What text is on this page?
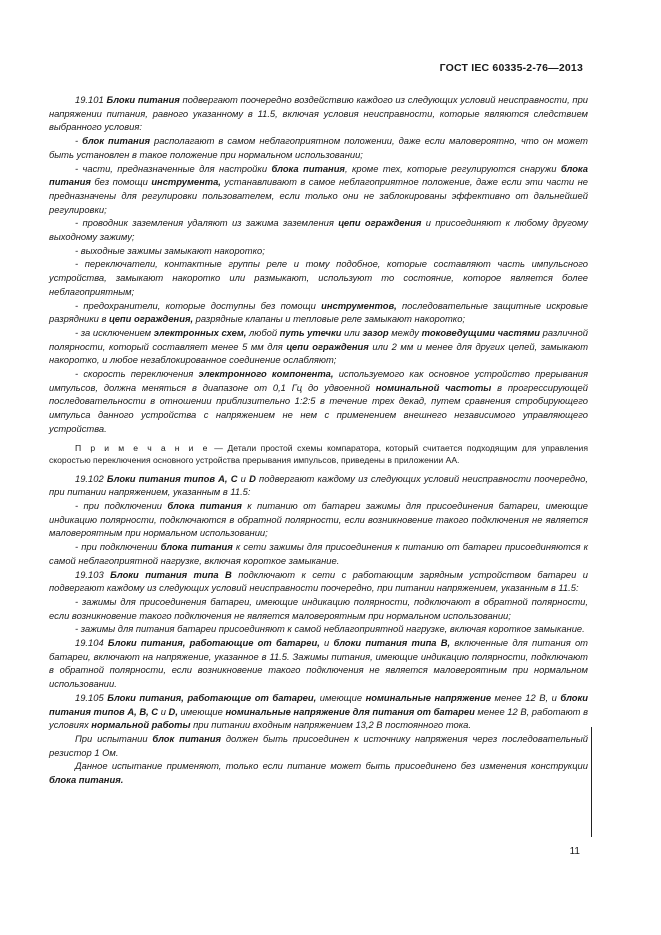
ГОСТ IEC 60335-2-76—2013

19.101 Блоки питания подвергают поочередно воздействию каждого из следующих условий неисправности, при напряжении питания, равного указанному в 11.5, включая условия неисправности, которые являются следствием выбранного условия:

- блок питания располагают в самом неблагоприятном положении, даже если маловероятно, что он может быть установлен в такое положение при нормальном использовании;

- части, предназначенные для настройки блока питания, кроме тех, которые регулируются снаружи блока питания без помощи инструмента, устанавливают в самое неблагоприятное положение, даже если эти части не предназначены для регулировки пользователем, если только они не заблокированы эффективно от дальнейшей регулировки;

- проводник заземления удаляют из зажима заземления цепи ограждения и присоединяют к любому другому выходному зажиму;

- выходные зажимы замыкают накоротко;

- переключатели, контактные группы реле и тому подобное, которые составляют часть импульсного устройства, замыкают накоротко или размыкают, используют то состояние, которое является более неблагоприятным;

- предохранители, которые доступны без помощи инструментов, последовательные защитные искровые разрядники в цепи ограждения, разрядные клапаны и тепловые реле замыкают накоротко;

- за исключением электронных схем, любой путь утечки или зазор между токоведущими частями различной полярности, который составляет менее 5 мм для цепи ограждения или 2 мм и менее для других цепей, замыкают накоротко, и любое незаблокированное соединение ослабляют;

- скорость переключения электронного компонента, используемого как основное устройство прерывания импульсов, должна меняться в диапазоне от 0,1 Гц до удвоенной номинальной частоты в прогрессирующей последовательности в отношении приблизительно 1:2:5 в течение трех декад, путем сравнения стробирующего импульса данного устройства с напряжением не нем с применением внешнего независимого управляющего устройства.

П р и м е ч а н и е — Детали простой схемы компаратора, который считается подходящим для управления скоростью переключения основного устройства прерывания импульсов, приведены в приложении АА.

19.102 Блоки питания типов А, С и D подвергают каждому из следующих условий неисправности поочередно, при питании напряжением, указанным в 11.5:

- при подключении блока питания к питанию от батареи зажимы для присоединения батареи, имеющие индикацию полярности, подключаются в обратной полярности, если возникновение такого подключения не является маловероятным при нормальном использовании;

- при подключении блока питания к сети зажимы для присоединения к питанию от батареи присоединяются к самой неблагоприятной нагрузке, включая короткое замыкание.

19.103 Блоки питания типа В подключают к сети с работающим зарядным устройством батареи и подвергают каждому из следующих условий неисправности поочередно, при питании напряжением, указанным в 11.5:

- зажимы для присоединения батареи, имеющие индикацию полярности, подключают в обратной полярности, если возникновение такого подключения не является маловероятным при нормальном использовании;

- зажимы для питания батареи присоединяют к самой неблагоприятной нагрузке, включая короткое замыкание.

19.104 Блоки питания, работающие от батареи, и блоки питания типа В, включенные для питания от батареи, включают на напряжение, указанное в 11.5. Зажимы питания, имеющие индикацию полярности, подключают в обратной полярности, если возникновение такого подключения не является маловероятным при нормальном использовании.

19.105 Блоки питания, работающие от батареи, имеющие номинальные напряжение менее 12 В, и блоки питания типов А, В, С и D, имеющие номинальные напряжение для питания от батареи менее 12 В, работают в условиях нормальной работы при питании входным напряжением 13,2 В постоянного тока.

При испытании блок питания должен быть присоединен к источнику напряжения через последовательный резистор 1 Ом.

Данное испытание применяют, только если питание может быть присоединено без изменения конструкции блока питания.

11
